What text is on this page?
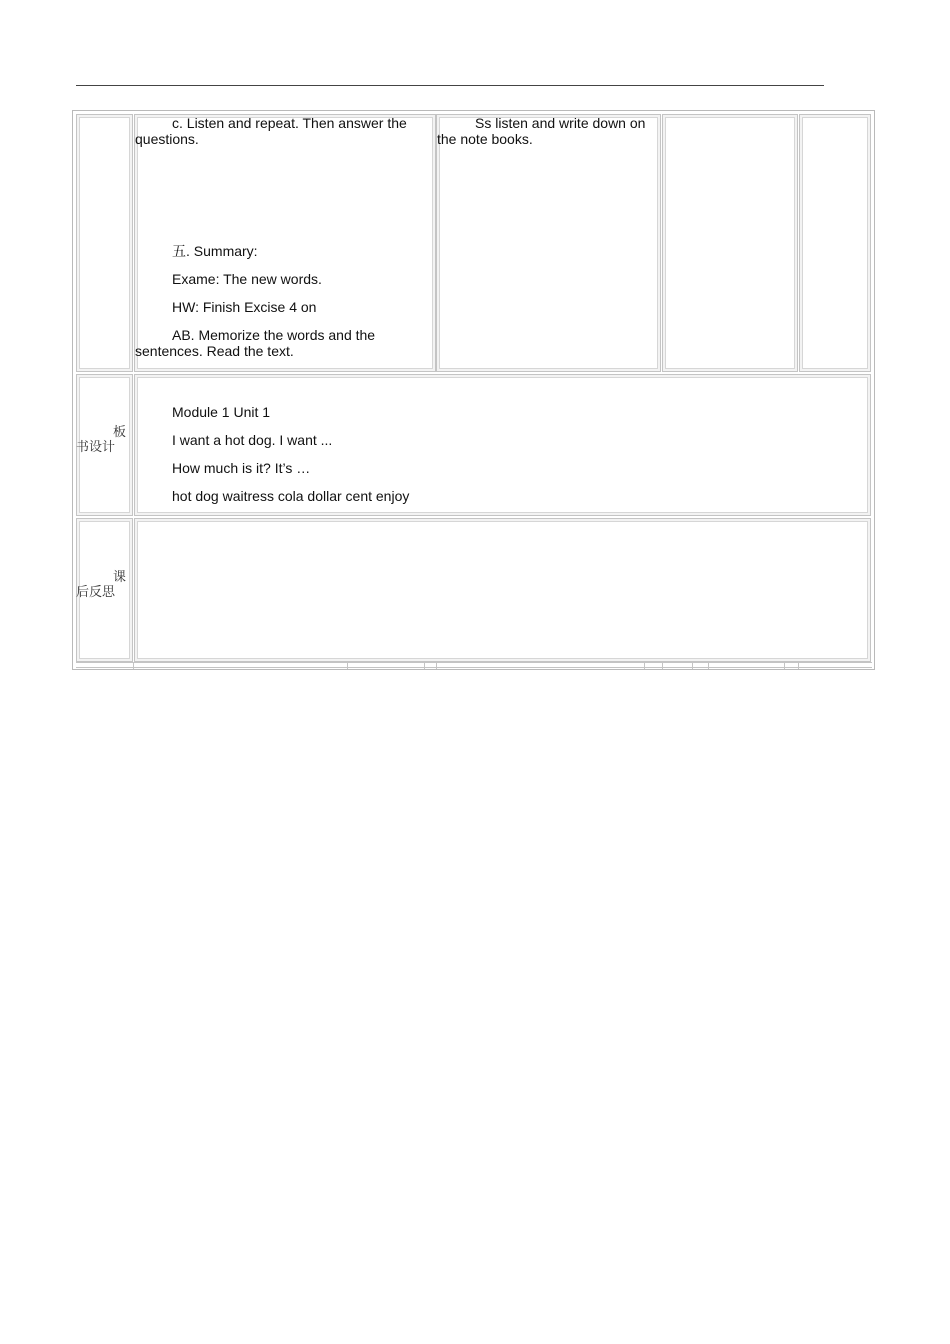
c. Listen and repeat. Then answer the
questions.
五. Summary:
Exame: The new words.
HW: Finish Excise 4 on
AB. Memorize the words and the
sentences. Read the text.
Ss listen and write down on
the note books.
板
书设计
Module 1 Unit 1
I want a hot dog. I want ...
How much is it? It’s …
hot dog waitress cola dollar cent enjoy
课
后反思
